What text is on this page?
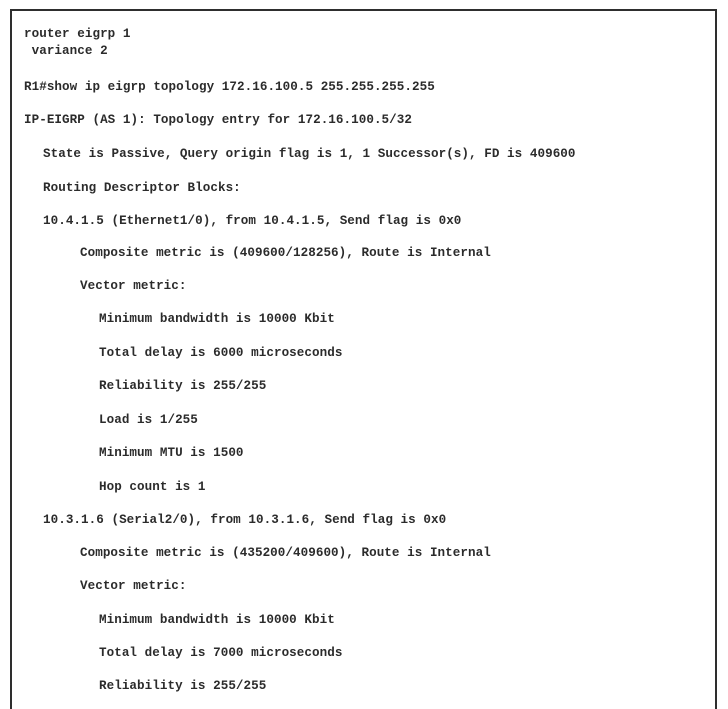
router eigrp 1
variance 2
R1#show ip eigrp topology 172.16.100.5 255.255.255.255
IP-EIGRP (AS 1): Topology entry for 172.16.100.5/32
State is Passive, Query origin flag is 1, 1 Successor(s), FD is 409600
Routing Descriptor Blocks:
10.4.1.5 (Ethernet1/0), from 10.4.1.5, Send flag is 0x0
Composite metric is (409600/128256), Route is Internal
Vector metric:
Minimum bandwidth is 10000 Kbit
Total delay is 6000 microseconds
Reliability is 255/255
Load is 1/255
Minimum MTU is 1500
Hop count is 1
10.3.1.6 (Serial2/0), from 10.3.1.6, Send flag is 0x0
Composite metric is (435200/409600), Route is Internal
Vector metric:
Minimum bandwidth is 10000 Kbit
Total delay is 7000 microseconds
Reliability is 255/255
